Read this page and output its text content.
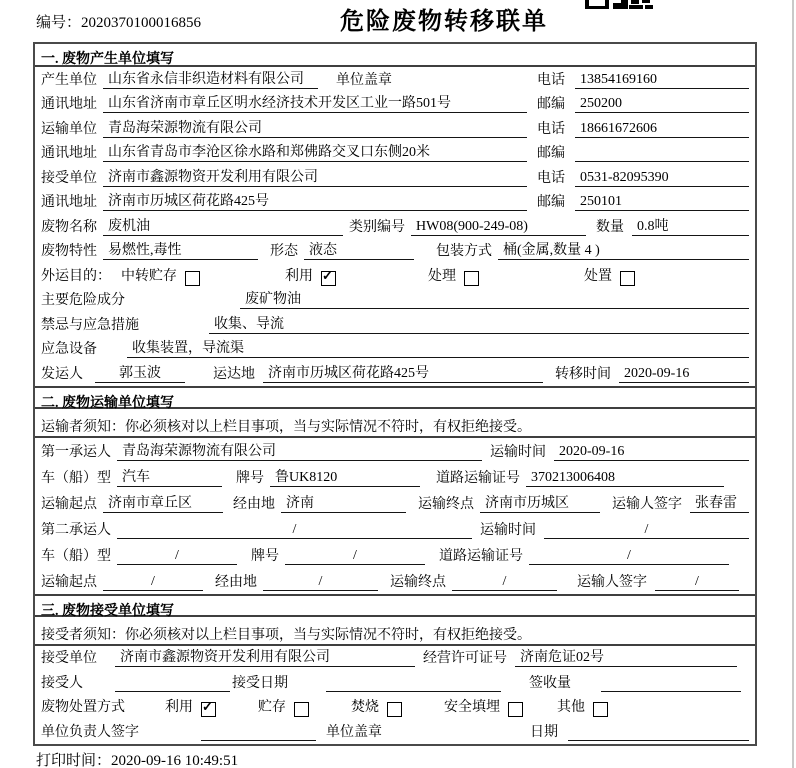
编号：2020370100016856	危险废物转移联单
一. 废物产生单位填写
产生单位 山东省永信非织造材料有限公司	单位盖章	电话	13854169160
通讯地址 山东省济南市章丘区明水经济技术开发区工业一路501号	邮编	250200
运输单位 青岛海荣源物流有限公司	电话	18661672606
通讯地址 山东省青岛市李沧区徐水路和郑佛路交叉口东侧20米	邮编
接受单位 济南市鑫源物资开发利用有限公司	电话	0531-82095390
通讯地址 济南市历城区荷花路425号	邮编	250101
废物名称 废机油	类别编号 HW08(900-249-08)	数量 0.8吨
废物特性 易燃性,毒性	形态 液态	包装方式 桶(金属,数量 4 )
外运目的： 中转贮存	利用 ✓	处理	处置
主要危险成分	废矿物油
禁忌与应急措施	收集、导流
应急设备	收集装置，导流渠
发运人	郭玉波	运达地 济南市历城区荷花路425号	转移时间 2020-09-16
二. 废物运输单位填写
运输者须知：你必须核对以上栏目事项，当与实际情况不符时，有权拒绝接受。
第一承运人 青岛海荣源物流有限公司	运输时间 2020-09-16
车（船）型 汽车	牌号 鲁UK8120	道路运输证号 370213006408
运输起点 济南市章丘区	经由地 济南	运输终点 济南市历城区	运输人签字 张春雷
第二承运人	/	运输时间	/
车（船）型	/	牌号	/	道路运输证号	/
运输起点	/	经由地	/	运输终点	/	运输人签字	/
三. 废物接受单位填写
接受者须知：你必须核对以上栏目事项，当与实际情况不符时，有权拒绝接受。
接受单位	济南市鑫源物资开发利用有限公司	经营许可证号 济南危证02号
接受人	接受日期	签收量
废物处置方式	利用 ✓	贮存	焚烧	安全填埋	其他
单位负责人签字	单位盖章	日期
打印时间：2020-09-16 10:49:51
